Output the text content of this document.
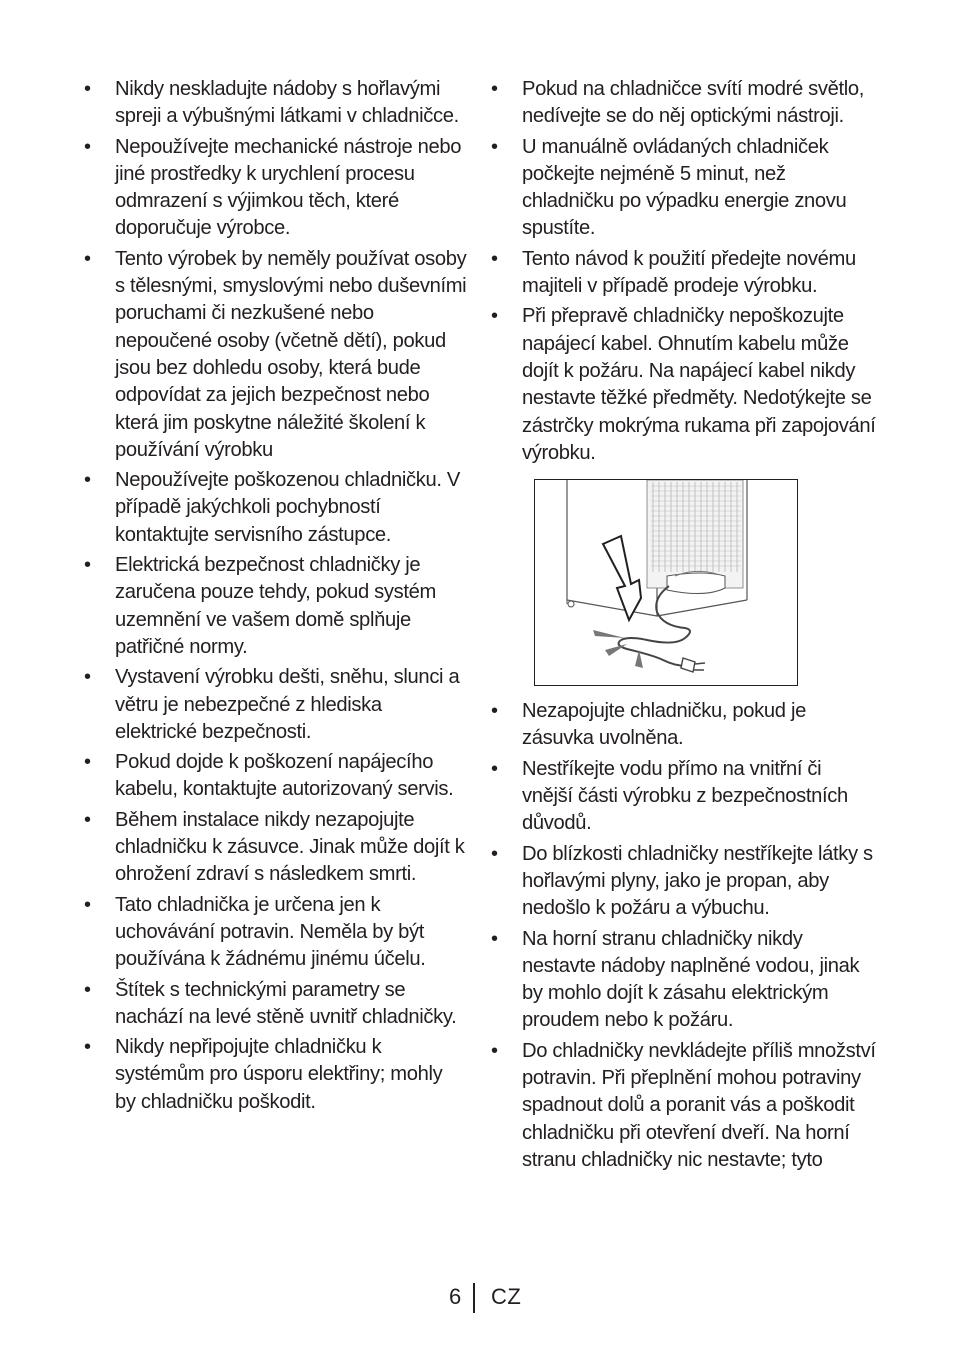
• Nikdy neskladujte nádoby s hořlavými spreji a výbušnými látkami v chladničce.
• Nepoužívejte mechanické nástroje nebo jiné prostředky k urychlení procesu odmrazení s výjimkou těch, které doporučuje výrobce.
• Tento výrobek by neměly používat osoby s tělesnými, smyslovými nebo duševními poruchami či nezkušené nebo nepoučené osoby (včetně dětí), pokud jsou bez dohledu osoby, která bude odpovídat za jejich bezpečnost nebo která jim poskytne náležité školení k používání výrobku
• Nepoužívejte poškozenou chladničku. V případě jakýchkoli pochybností kontaktujte servisního zástupce.
• Elektrická bezpečnost chladničky je zaručena pouze tehdy, pokud systém uzemnění ve vašem domě splňuje patřičné normy.
• Vystavení výrobku dešti, sněhu, slunci a větru je nebezpečné z hlediska elektrické bezpečnosti.
• Pokud dojde k poškození napájecího kabelu, kontaktujte autorizovaný servis.
• Během instalace nikdy nezapojujte chladničku k zásuvce. Jinak může dojít k ohrožení zdraví s následkem smrti.
• Tato chladnička je určena jen k uchovávání potravin. Neměla by být používána k žádnému jinému účelu.
• Štítek s technickými parametry se nachází na levé stěně uvnitř chladničky.
• Nikdy nepřipojujte chladničku k systémům pro úsporu elektřiny; mohly by chladničku poškodit.
• Pokud na chladničce svítí modré světlo, nedívejte se do něj optickými nástroji.
• U manuálně ovládaných chladniček počkejte nejméně 5 minut, než chladničku po výpadku energie znovu spustíte.
• Tento návod k použití předejte novému majiteli v případě prodeje výrobku.
• Při přepravě chladničky nepoškozujte napájecí kabel. Ohnutím kabelu může dojít k požáru. Na napájecí kabel nikdy nestavte těžké předměty. Nedotýkejte se zástrčky mokrýma rukama při zapojování výrobku.
• Nezapojujte chladničku, pokud je zásuvka uvolněna.
• Nestříkejte vodu přímo na vnitřní či vnější části výrobku z bezpečnostních důvodů.
• Do blízkosti chladničky nestříkejte látky s hořlavými plyny, jako je propan, aby nedošlo k požáru a výbuchu.
• Na horní stranu chladničky nikdy nestavte nádoby naplněné vodou, jinak by mohlo dojít k zásahu elektrickým proudem nebo k požáru.
• Do chladničky nevkládejte příliš množství potravin. Při přeplnění mohou potraviny spadnout dolů a poranit vás a poškodit chladničku při otevření dveří. Na horní stranu chladničky nic nestavte; tyto
6 CZ
